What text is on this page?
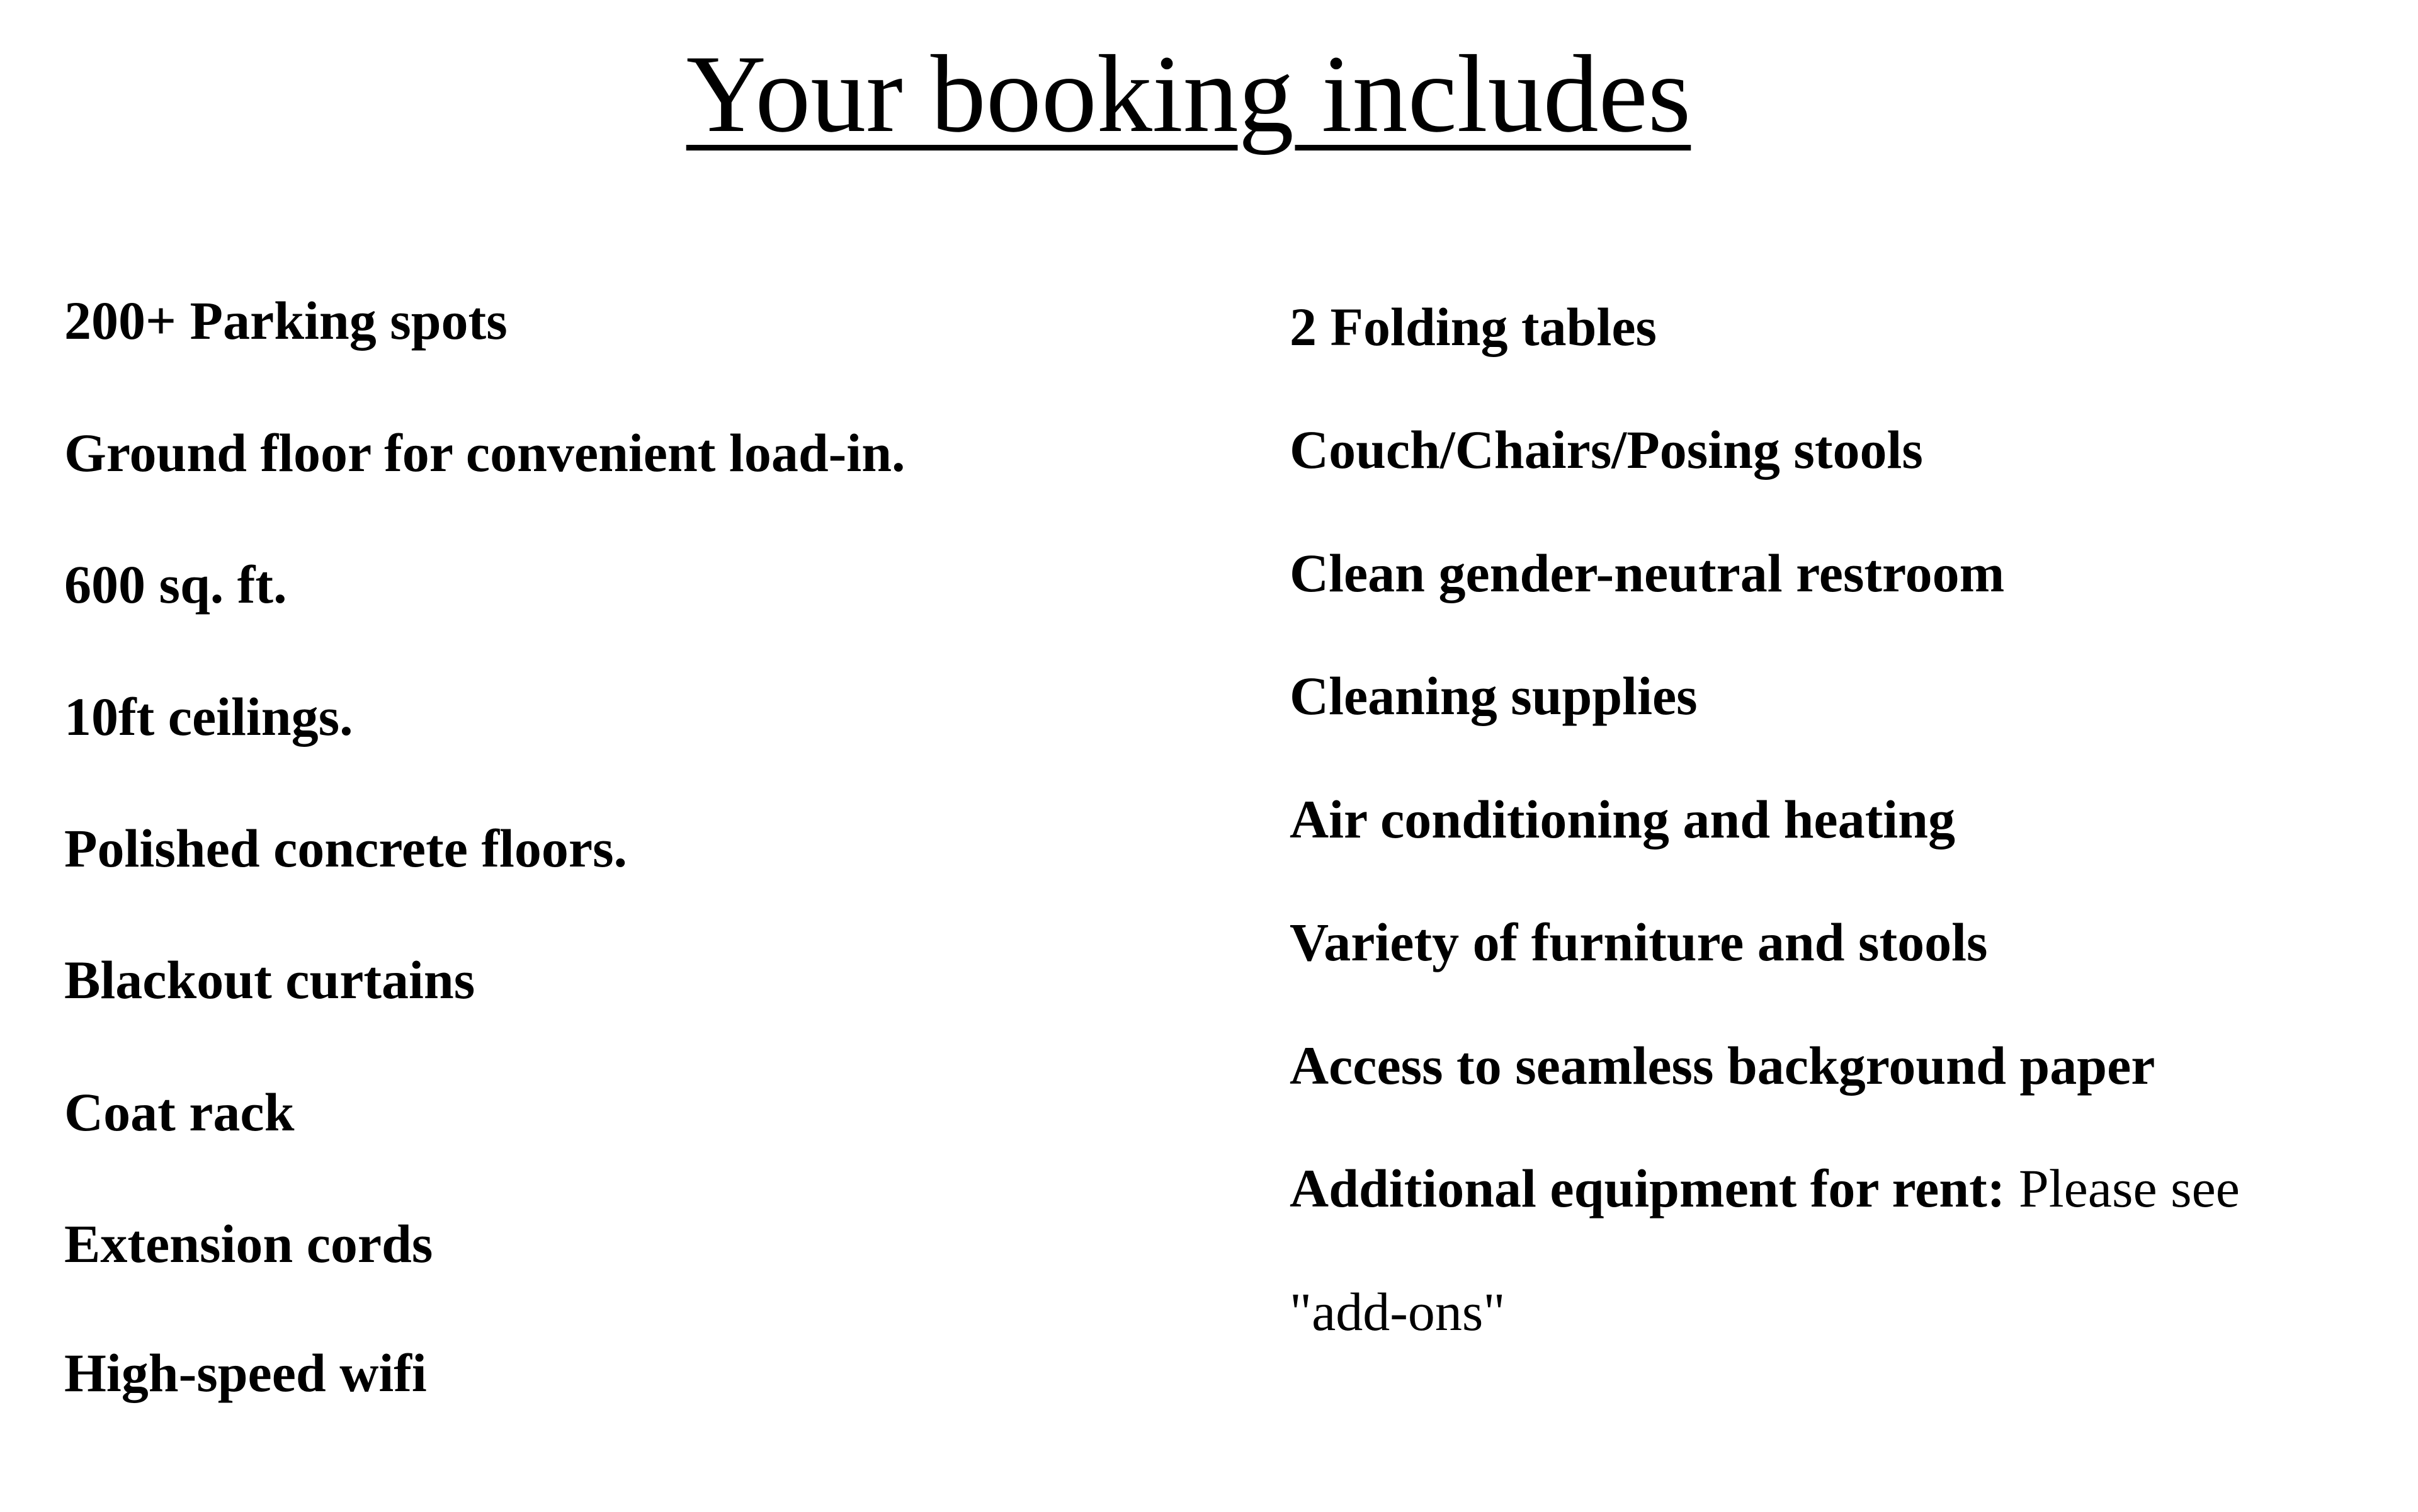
Your booking includes
200+ Parking spots
Ground floor for convenient load-in.
600 sq. ft.
10ft ceilings.
Polished concrete floors.
Blackout curtains
Coat rack
Extension cords
High-speed wifi
2 Folding tables
Couch/Chairs/Posing stools
Clean gender-neutral restroom
Cleaning supplies
Air conditioning and heating
Variety of furniture and stools
Access to seamless background paper
Additional equipment for rent: Please see
"add-ons"
